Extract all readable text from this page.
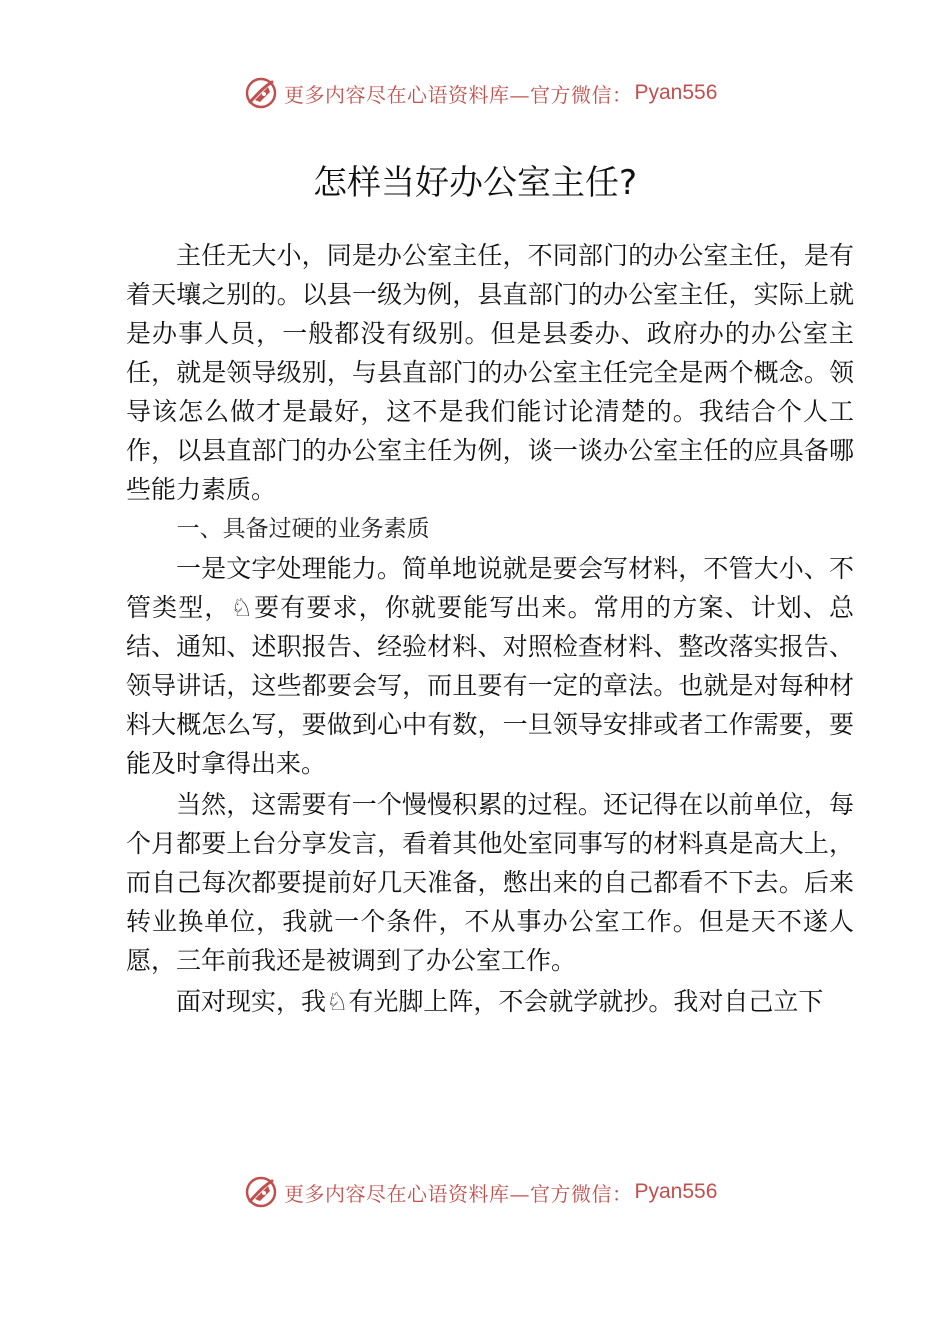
更多内容尽在心语资料库—官方微信： Pyan556
怎样当好办公室主任?

主任无大小，同是办公室主任，不同部门的办公室主任，是有着天壤之别的。以县一级为例，县直部门的办公室主任，实际上就是办事人员，一般都没有级别。但是县委办、政府办的办公室主任，就是领导级别，与县直部门的办公室主任完全是两个概念。领导该怎么做才是最好，这不是我们能讨论清楚的。我结合个人工作，以县直部门的办公室主任为例，谈一谈办公室主任的应具备哪些能力素质。

一、具备过硬的业务素质

一是文字处理能力。简单地说就是要会写材料，不管大小、不管类型，♘要有要求，你就要能写出来。常用的方案、计划、总结、通知、述职报告、经验材料、对照检查材料、整改落实报告、领导讲话，这些都要会写，而且要有一定的章法。也就是对每种材料大概怎么写，要做到心中有数，一旦领导安排或者工作需要，要能及时拿得出来。

当然，这需要有一个慢慢积累的过程。还记得在以前单位，每个月都要上台分享发言，看着其他处室同事写的材料真是高大上，而自己每次都要提前好几天准备，憋出来的自己都看不下去。后来转业换单位，我就一个条件，不从事办公室工作。但是天不遂人愿，三年前我还是被调到了办公室工作。

面对现实，我♘有光脚上阵，不会就学就抄。我对自己立下

更多内容尽在心语资料库—官方微信： Pyan556
